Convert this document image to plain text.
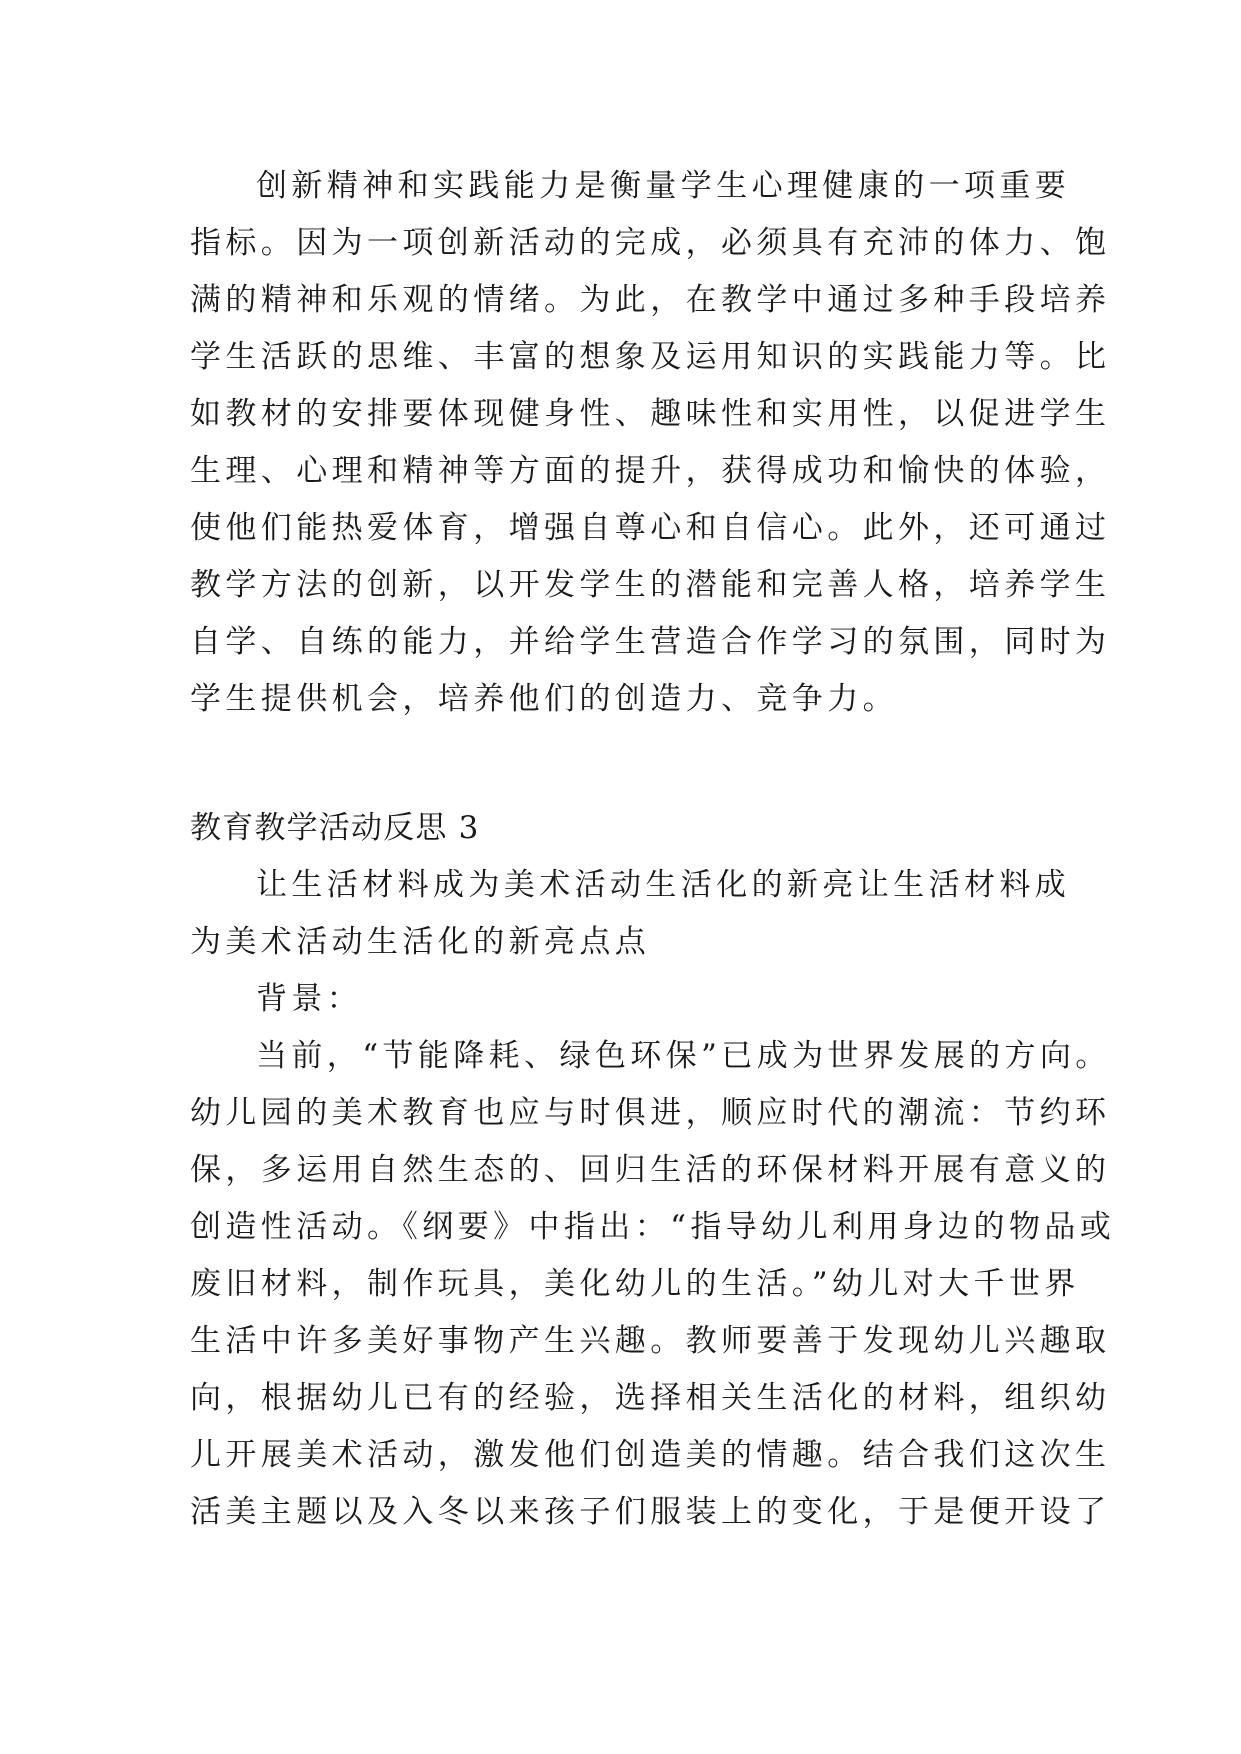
创新精神和实践能力是衡量学生心理健康的一项重要
指标。因为一项创新活动的完成，必须具有充沛的体力、饱
满的精神和乐观的情绪。为此，在教学中通过多种手段培养
学生活跃的思维、丰富的想象及运用知识的实践能力等。比
如教材的安排要体现健身性、趣味性和实用性，以促进学生
生理、心理和精神等方面的提升，获得成功和愉快的体验，
使他们能热爱体育，增强自尊心和自信心。此外，还可通过
教学方法的创新，以开发学生的潜能和完善人格，培养学生
自学、自练的能力，并给学生营造合作学习的氛围，同时为
学生提供机会，培养他们的创造力、竞争力。
教育教学活动反思 3
让生活材料成为美术活动生活化的新亮让生活材料成
为美术活动生活化的新亮点点
背景：
当前，“节能降耗、绿色环保”已成为世界发展的方向。
幼儿园的美术教育也应与时俱进，顺应时代的潮流：节约环
保，多运用自然生态的、回归生活的环保材料开展有意义的
创造性活动。《纲要》中指出：“指导幼儿利用身边的物品或
废旧材料，制作玩具，美化幼儿的生活。”幼儿对大千世界
生活中许多美好事物产生兴趣。教师要善于发现幼儿兴趣取
向，根据幼儿已有的经验，选择相关生活化的材料，组织幼
儿开展美术活动，激发他们创造美的情趣。结合我们这次生
活美主题以及入冬以来孩子们服装上的变化，于是便开设了
